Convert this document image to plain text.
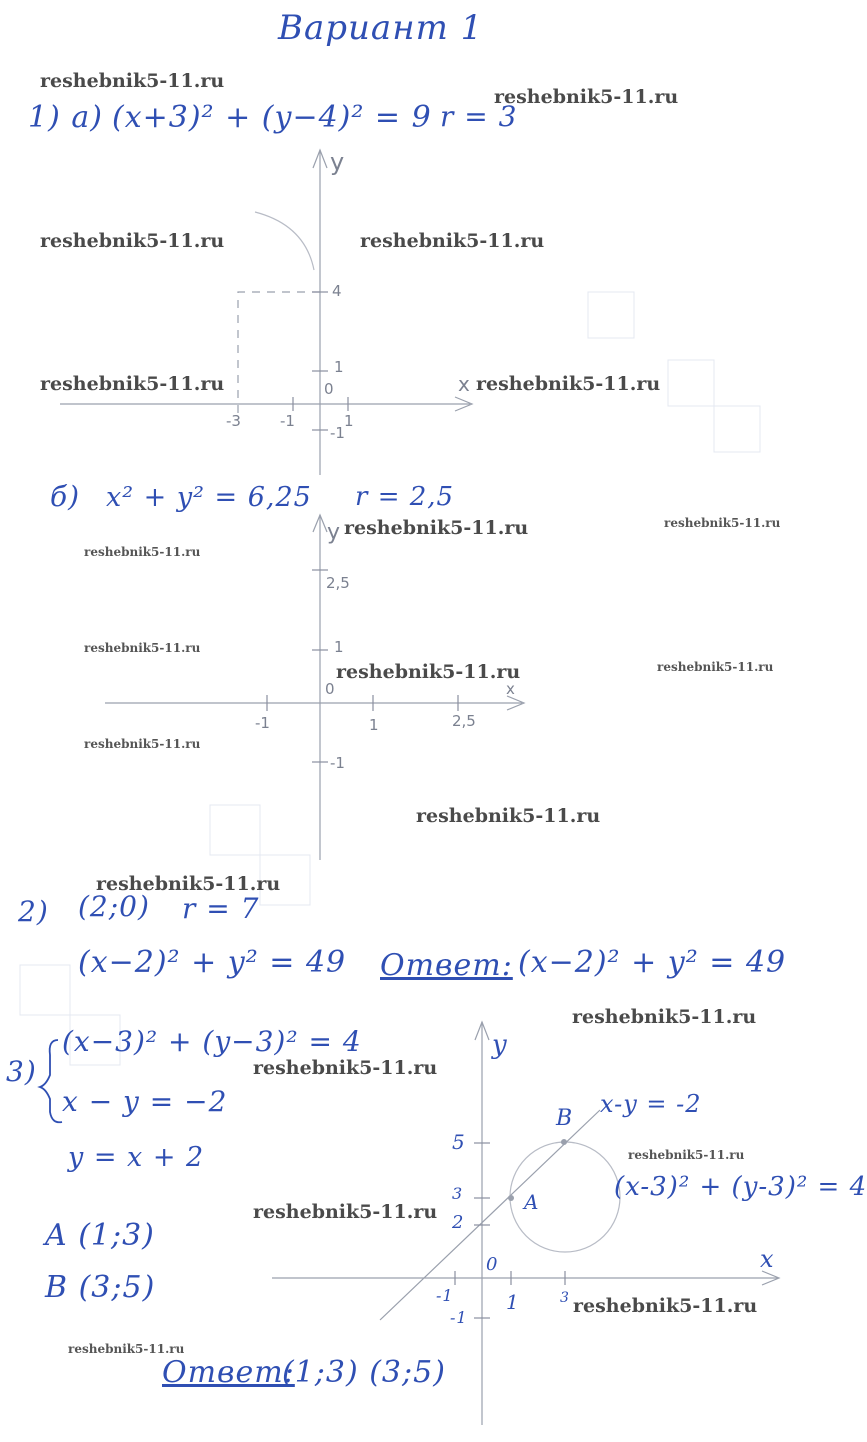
Вариант 1
1) а) (x+3)² + (y−4)² = 9 r = 3
y
x
0
4
1
-1
-3	-1	1
б) x² + y² = 6,25 r = 2,5
y
x
0
2,5
1
-1
-1	1	2,5
2) (2;0) r = 7
(x−2)² + y² = 49 Ответ: (x−2)² + y² = 49
3)
(x−3)² + (y−3)² = 4
x − y = −2
y = x + 2
A (1;3)
B (3;5)
Ответ:
(1;3) (3;5)
y
x
0
5
3
2
-1
-1	1	3
B
A
x-y = -2
(x-3)² + (y-3)² = 4
reshebnik5-11.ru
reshebnik5-11.ru
reshebnik5-11.ru	reshebnik5-11.ru
reshebnik5-11.ru	reshebnik5-11.ru
reshebnik5-11.ru	reshebnik5-11.ru
reshebnik5-11.ru
reshebnik5-11.ru
reshebnik5-11.ru	reshebnik5-11.ru
reshebnik5-11.ru
reshebnik5-11.ru
reshebnik5-11.ru
reshebnik5-11.ru
reshebnik5-11.ru
reshebnik5-11.ru
reshebnik5-11.ru
reshebnik5-11.ru
reshebnik5-11.ru
